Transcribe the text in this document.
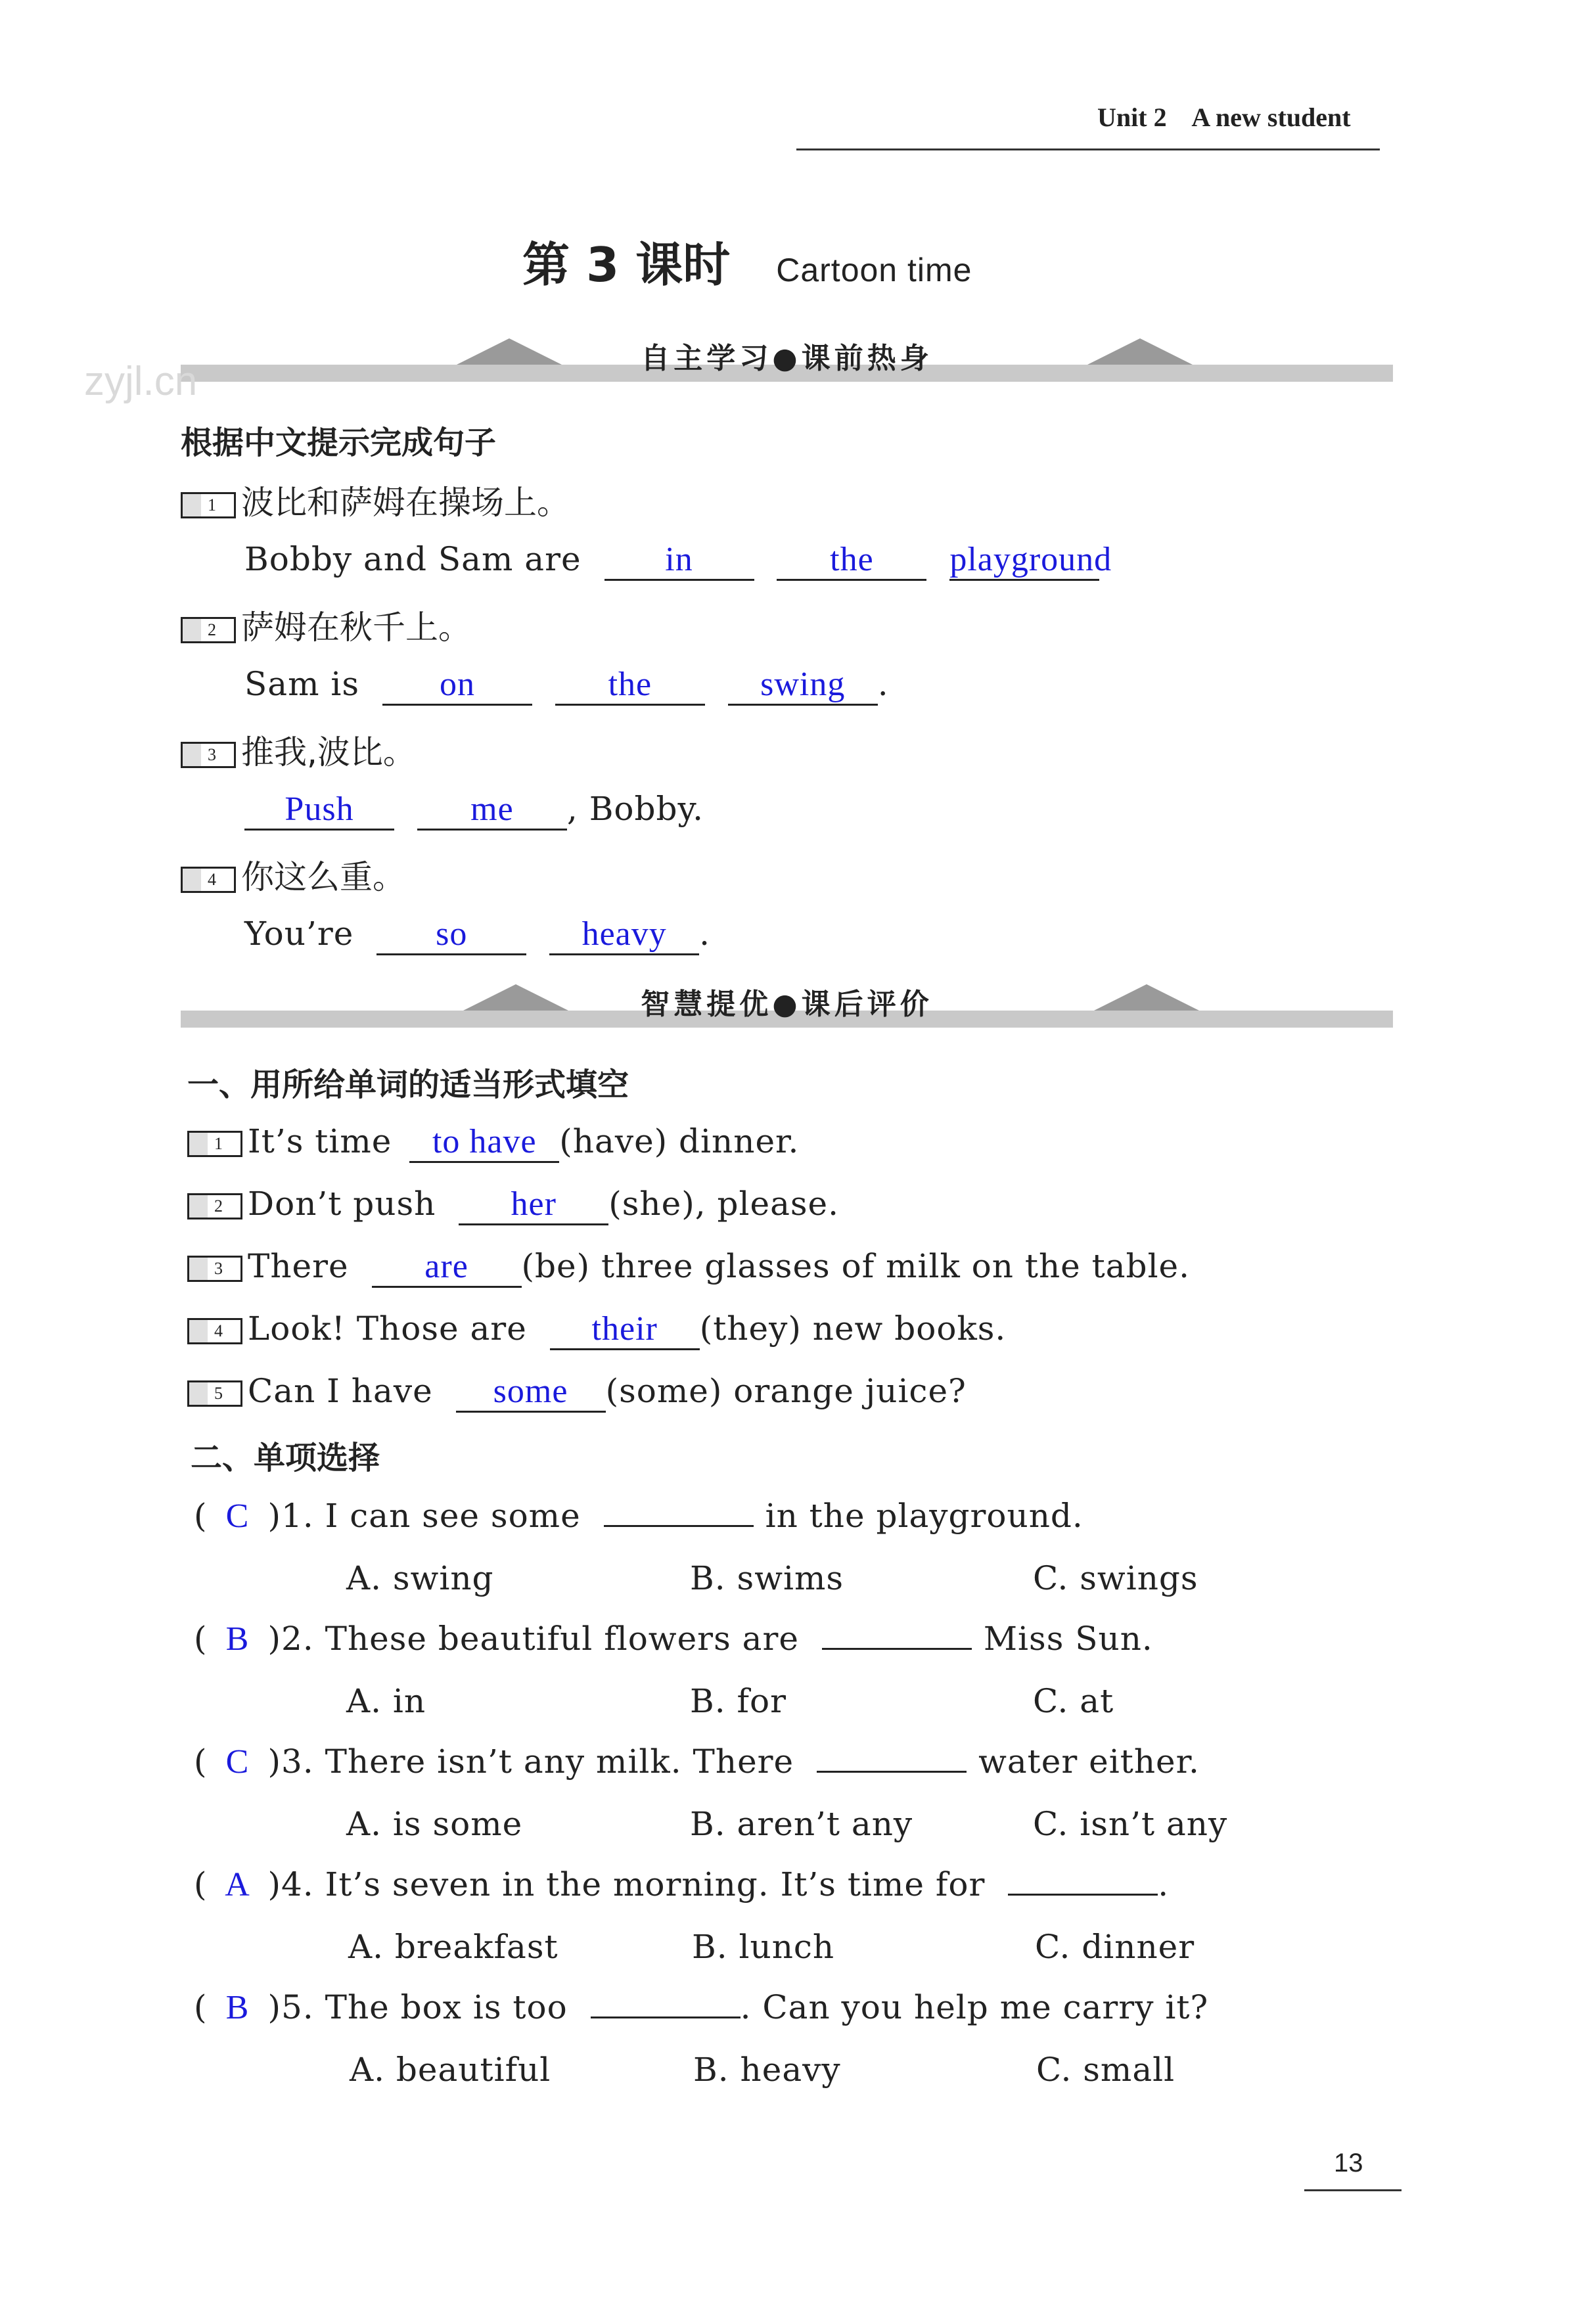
Unit 2    A new student
第 3 课时 Cartoon time
自主学习●课前热身
zyjl.cn
根据中文提示完成句子
1 波比和萨姆在操场上。
Bobby and Sam are in	the playground
2 萨姆在秋千上。
Sam is on	the	swing .
3 推我,波比。
Push	me , Bobby.
4 你这么重。
You’re so	heavy .
智慧提优●课后评价
一、用所给单词的适当形式填空
1 It’s time to have (have) dinner.
2 Don’t push her (she), please.
3 There are (be) three glasses of milk on the table.
4 Look! Those are their (they) new books.
5 Can I have some (some) orange juice?
二、单项选择
( C )1. I can see some	in the playground.
A. swing	B. swims	C. swings
( B )2. These beautiful flowers are	Miss Sun.
A. in	B. for	C. at
( C )3. There isn’t any milk. There	water either.
A. is some	B. aren’t any	C. isn’t any
( A )4. It’s seven in the morning. It’s time for	.
A. breakfast	B. lunch	C. dinner
( B )5. The box is too	. Can you help me carry it?
A. beautiful	B. heavy	C. small
13
